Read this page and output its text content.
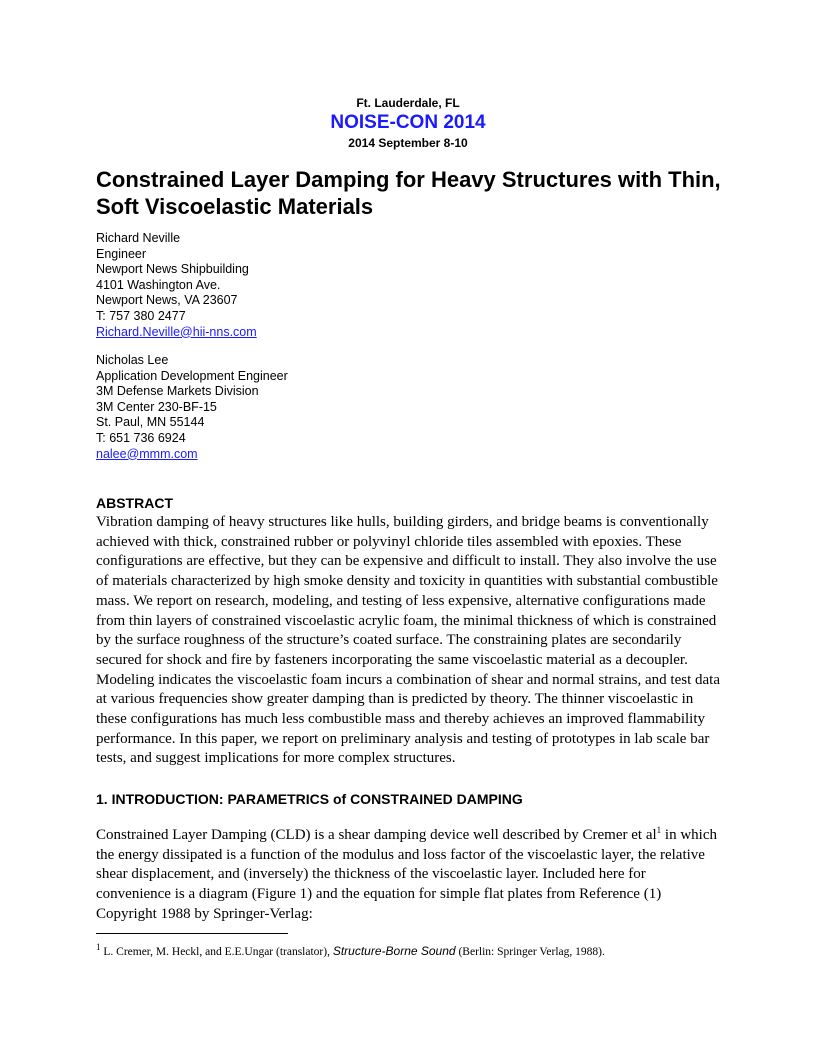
Ft. Lauderdale, FL
NOISE-CON 2014
2014 September 8-10
Constrained Layer Damping for Heavy Structures with Thin, Soft Viscoelastic Materials
Richard Neville
Engineer
Newport News Shipbuilding
4101 Washington Ave.
Newport News, VA 23607
T: 757 380 2477
Richard.Neville@hii-nns.com
Nicholas Lee
Application Development Engineer
3M Defense Markets Division
3M Center 230-BF-15
St. Paul, MN 55144
T: 651 736 6924
nalee@mmm.com
ABSTRACT
Vibration damping of heavy structures like hulls, building girders, and bridge beams is conventionally achieved with thick, constrained rubber or polyvinyl chloride tiles assembled with epoxies. These configurations are effective, but they can be expensive and difficult to install. They also involve the use of materials characterized by high smoke density and toxicity in quantities with substantial combustible mass. We report on research, modeling, and testing of less expensive, alternative configurations made from thin layers of constrained viscoelastic acrylic foam, the minimal thickness of which is constrained by the surface roughness of the structure’s coated surface. The constraining plates are secondarily secured for shock and fire by fasteners incorporating the same viscoelastic material as a decoupler. Modeling indicates the viscoelastic foam incurs a combination of shear and normal strains, and test data at various frequencies show greater damping than is predicted by theory. The thinner viscoelastic in these configurations has much less combustible mass and thereby achieves an improved flammability performance. In this paper, we report on preliminary analysis and testing of prototypes in lab scale bar tests, and suggest implications for more complex structures.
1. INTRODUCTION: PARAMETRICS of CONSTRAINED DAMPING
Constrained Layer Damping (CLD) is a shear damping device well described by Cremer et $al^1$ in which the energy dissipated is a function of the modulus and loss factor of the viscoelastic layer, the relative shear displacement, and (inversely) the thickness of the viscoelastic layer. Included here for convenience is a diagram (Figure 1) and the equation for simple flat plates from Reference (1) Copyright 1988 by Springer-Verlag:
$^1$ L. Cremer, M. Heckl, and E.E.Ungar (translator), Structure-Borne Sound (Berlin: Springer Verlag, 1988).
